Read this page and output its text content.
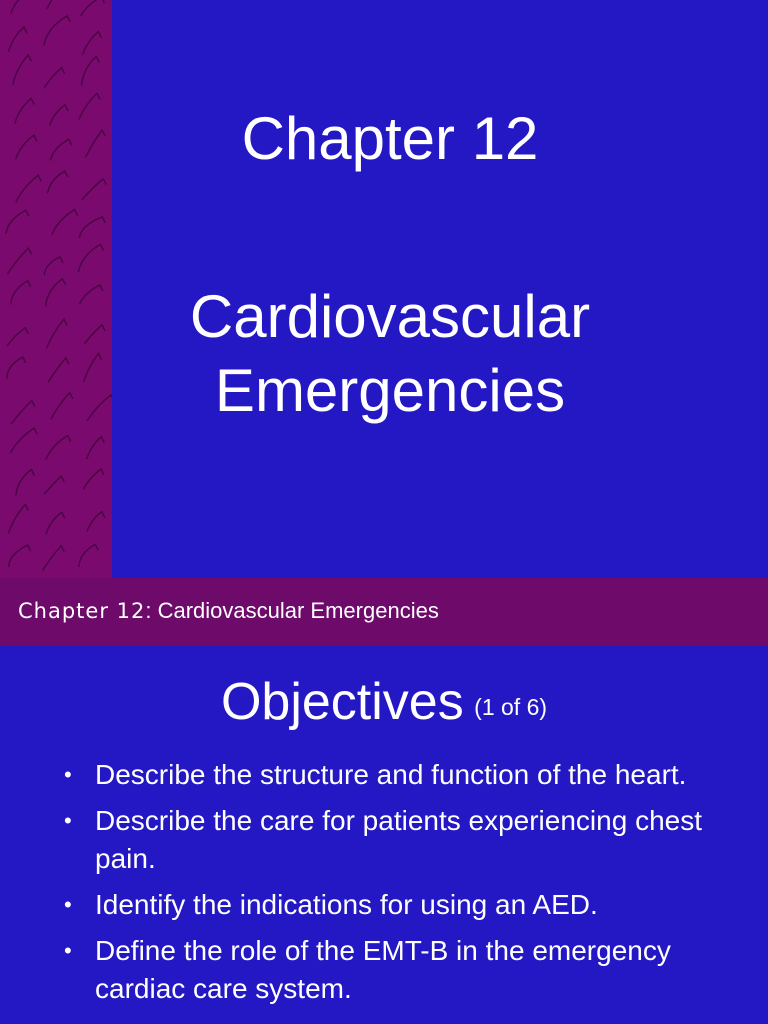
Chapter 12
Cardiovascular
Emergencies
Chapter 12: Cardiovascular Emergencies
Objectives (1 of 6)
• Describe the structure and function of the heart.
• Describe the care for patients experiencing chest pain.
• Identify the indications for using an AED.
• Define the role of the EMT-B in the emergency cardiac care system.
